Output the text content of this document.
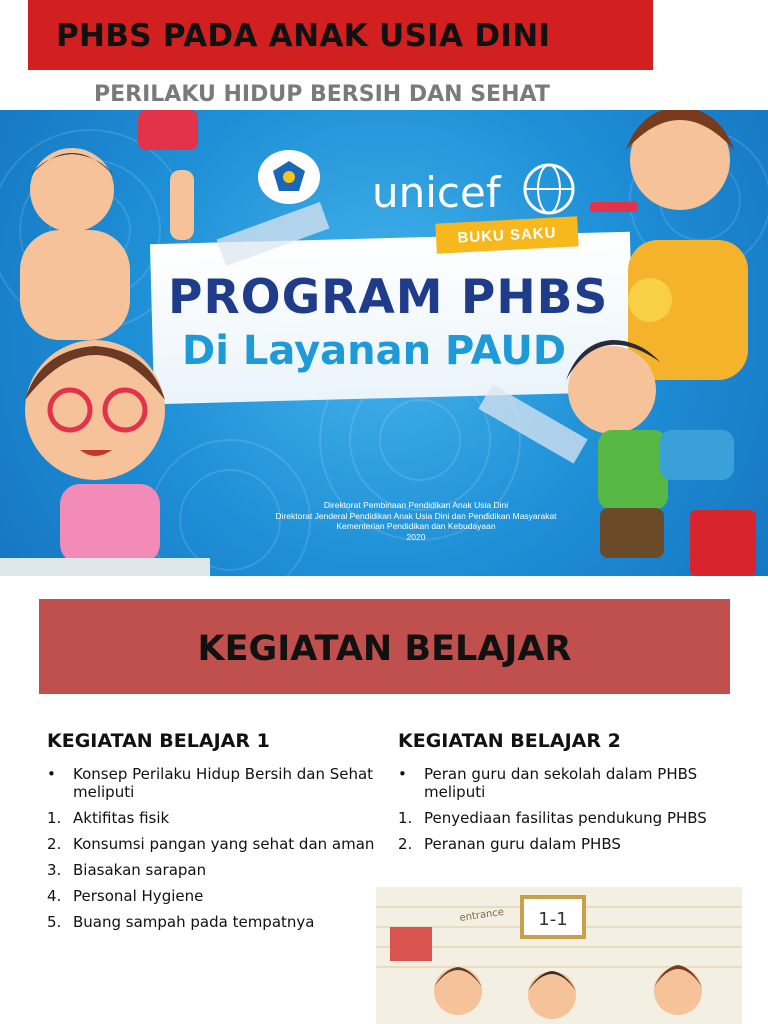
PHBS PADA ANAK USIA DINI
PERILAKU HIDUP BERSIH DAN SEHAT
unicef
BUKU SAKU
PROGRAM PHBS
Di Layanan PAUD
Direktorat Pembinaan Pendidikan Anak Usia Dini
Direktorat Jenderal Pendidikan Anak Usia Dini dan Pendidikan Masyarakat
Kementerian Pendidikan dan Kebudayaan
2020
KEGIATAN BELAJAR
KEGIATAN BELAJAR 1
•	Konsep Perilaku Hidup Bersih dan Sehat meliputi
1. Aktifitas fisik
2. Konsumsi pangan yang sehat dan aman
3. Biasakan sarapan
4. Personal Hygiene
5. Buang sampah pada tempatnya
KEGIATAN BELAJAR 2
•	Peran guru dan sekolah dalam PHBS meliputi
1. Penyediaan fasilitas pendukung PHBS
2. Peranan guru dalam PHBS
1-1
entrance
